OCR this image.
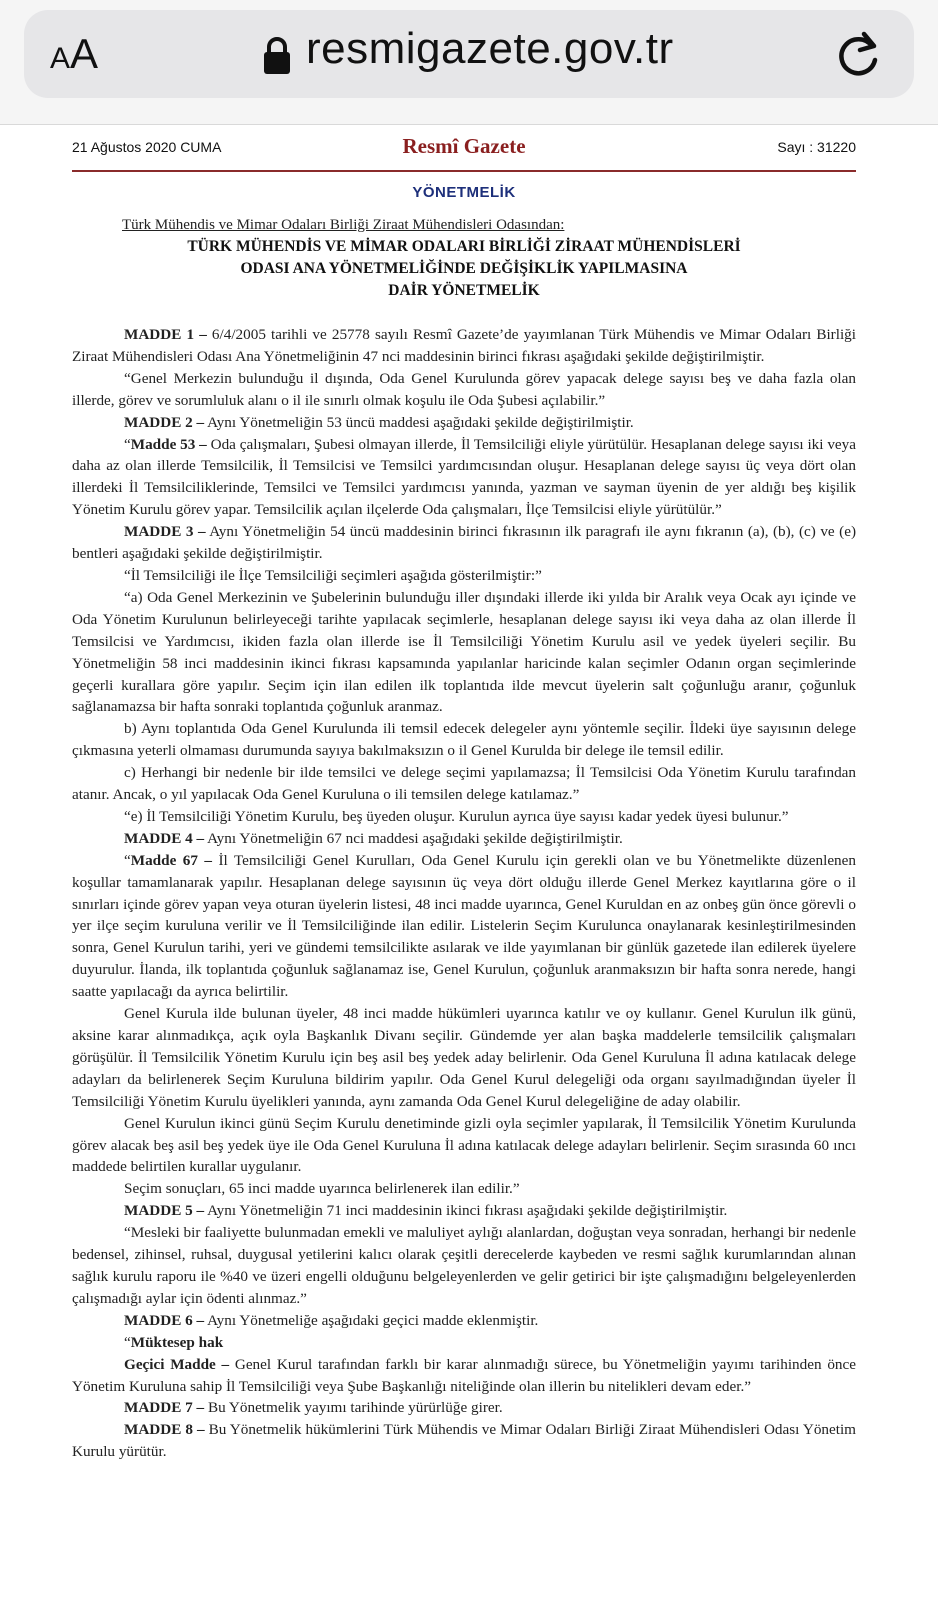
AA	resmigazete.gov.tr
21 Ağustos 2020 CUMA	Resmî Gazete	Sayı : 31220
YÖNETMELİK
Türk Mühendis ve Mimar Odaları Birliği Ziraat Mühendisleri Odasından:
TÜRK MÜHENDİS VE MİMAR ODALARI BİRLİĞİ ZİRAAT MÜHENDİSLERİ
ODASI ANA YÖNETMELİĞİNDE DEĞİŞİKLİK YAPILMASINA
DAİR YÖNETMELİK

MADDE 1 – 6/4/2005 tarihli ve 25778 sayılı Resmî Gazete’de yayımlanan Türk Mühendis ve Mimar Odaları Birliği Ziraat Mühendisleri Odası Ana Yönetmeliğinin 47 nci maddesinin birinci fıkrası aşağıdaki şekilde değiştirilmiştir.

“Genel Merkezin bulunduğu il dışında, Oda Genel Kurulunda görev yapacak delege sayısı beş ve daha fazla olan illerde, görev ve sorumluluk alanı o il ile sınırlı olmak koşulu ile Oda Şubesi açılabilir.”

MADDE 2 – Aynı Yönetmeliğin 53 üncü maddesi aşağıdaki şekilde değiştirilmiştir.

“Madde 53 – Oda çalışmaları, Şubesi olmayan illerde, İl Temsilciliği eliyle yürütülür. Hesaplanan delege sayısı iki veya daha az olan illerde Temsilcilik, İl Temsilcisi ve Temsilci yardımcısından oluşur. Hesaplanan delege sayısı üç veya dört olan illerdeki İl Temsilciliklerinde, Temsilci ve Temsilci yardımcısı yanında, yazman ve sayman üyenin de yer aldığı beş kişilik Yönetim Kurulu görev yapar. Temsilcilik açılan ilçelerde Oda çalışmaları, İlçe Temsilcisi eliyle yürütülür.”

MADDE 3 – Aynı Yönetmeliğin 54 üncü maddesinin birinci fıkrasının ilk paragrafı ile aynı fıkranın (a), (b), (c) ve (e) bentleri aşağıdaki şekilde değiştirilmiştir.

“İl Temsilciliği ile İlçe Temsilciliği seçimleri aşağıda gösterilmiştir:”

“a) Oda Genel Merkezinin ve Şubelerinin bulunduğu iller dışındaki illerde iki yılda bir Aralık veya Ocak ayı içinde ve Oda Yönetim Kurulunun belirleyeceği tarihte yapılacak seçimlerle, hesaplanan delege sayısı iki veya daha az olan illerde İl Temsilcisi ve Yardımcısı, ikiden fazla olan illerde ise İl Temsilciliği Yönetim Kurulu asil ve yedek üyeleri seçilir. Bu Yönetmeliğin 58 inci maddesinin ikinci fıkrası kapsamında yapılanlar haricinde kalan seçimler Odanın organ seçimlerinde geçerli kurallara göre yapılır. Seçim için ilan edilen ilk toplantıda ilde mevcut üyelerin salt çoğunluğu aranır, çoğunluk sağlanamazsa bir hafta sonraki toplantıda çoğunluk aranmaz.

b) Aynı toplantıda Oda Genel Kurulunda ili temsil edecek delegeler aynı yöntemle seçilir. İldeki üye sayısının delege çıkmasına yeterli olmaması durumunda sayıya bakılmaksızın o il Genel Kurulda bir delege ile temsil edilir.

c) Herhangi bir nedenle bir ilde temsilci ve delege seçimi yapılamazsa; İl Temsilcisi Oda Yönetim Kurulu tarafından atanır. Ancak, o yıl yapılacak Oda Genel Kuruluna o ili temsilen delege katılamaz.”

“e) İl Temsilciliği Yönetim Kurulu, beş üyeden oluşur. Kurulun ayrıca üye sayısı kadar yedek üyesi bulunur.”

MADDE 4 – Aynı Yönetmeliğin 67 nci maddesi aşağıdaki şekilde değiştirilmiştir.

“Madde 67 – İl Temsilciliği Genel Kurulları, Oda Genel Kurulu için gerekli olan ve bu Yönetmelikte düzenlenen koşullar tamamlanarak yapılır. Hesaplanan delege sayısının üç veya dört olduğu illerde Genel Merkez kayıtlarına göre o il sınırları içinde görev yapan veya oturan üyelerin listesi, 48 inci madde uyarınca, Genel Kuruldan en az onbeş gün önce görevli o yer ilçe seçim kuruluna verilir ve İl Temsilciliğinde ilan edilir. Listelerin Seçim Kurulunca onaylanarak kesinleştirilmesinden sonra, Genel Kurulun tarihi, yeri ve gündemi temsilcilikte asılarak ve ilde yayımlanan bir günlük gazetede ilan edilerek üyelere duyurulur. İlanda, ilk toplantıda çoğunluk sağlanamaz ise, Genel Kurulun, çoğunluk aranmaksızın bir hafta sonra nerede, hangi saatte yapılacağı da ayrıca belirtilir.

Genel Kurula ilde bulunan üyeler, 48 inci madde hükümleri uyarınca katılır ve oy kullanır. Genel Kurulun ilk günü, aksine karar alınmadıkça, açık oyla Başkanlık Divanı seçilir. Gündemde yer alan başka maddelerle temsilcilik çalışmaları görüşülür. İl Temsilcilik Yönetim Kurulu için beş asil beş yedek aday belirlenir. Oda Genel Kuruluna İl adına katılacak delege adayları da belirlenerek Seçim Kuruluna bildirim yapılır. Oda Genel Kurul delegeliği oda organı sayılmadığından üyeler İl Temsilciliği Yönetim Kurulu üyelikleri yanında, aynı zamanda Oda Genel Kurul delegeliğine de aday olabilir.

Genel Kurulun ikinci günü Seçim Kurulu denetiminde gizli oyla seçimler yapılarak, İl Temsilcilik Yönetim Kurulunda görev alacak beş asil beş yedek üye ile Oda Genel Kuruluna İl adına katılacak delege adayları belirlenir. Seçim sırasında 60 ıncı maddede belirtilen kurallar uygulanır.

Seçim sonuçları, 65 inci madde uyarınca belirlenerek ilan edilir.”

MADDE 5 – Aynı Yönetmeliğin 71 inci maddesinin ikinci fıkrası aşağıdaki şekilde değiştirilmiştir.

“Mesleki bir faaliyette bulunmadan emekli ve maluliyet aylığı alanlardan, doğuştan veya sonradan, herhangi bir nedenle bedensel, zihinsel, ruhsal, duygusal yetilerini kalıcı olarak çeşitli derecelerde kaybeden ve resmi sağlık kurumlarından alınan sağlık kurulu raporu ile %40 ve üzeri engelli olduğunu belgeleyenlerden ve gelir getirici bir işte çalışmadığını belgeleyenlerden çalışmadığı aylar için ödenti alınmaz.”

MADDE 6 – Aynı Yönetmeliğe aşağıdaki geçici madde eklenmiştir.

“Müktesep hak

Geçici Madde – Genel Kurul tarafından farklı bir karar alınmadığı sürece, bu Yönetmeliğin yayımı tarihinden önce Yönetim Kuruluna sahip İl Temsilciliği veya Şube Başkanlığı niteliğinde olan illerin bu nitelikleri devam eder.”

MADDE 7 – Bu Yönetmelik yayımı tarihinde yürürlüğe girer.

MADDE 8 – Bu Yönetmelik hükümlerini Türk Mühendis ve Mimar Odaları Birliği Ziraat Mühendisleri Odası Yönetim Kurulu yürütür.
